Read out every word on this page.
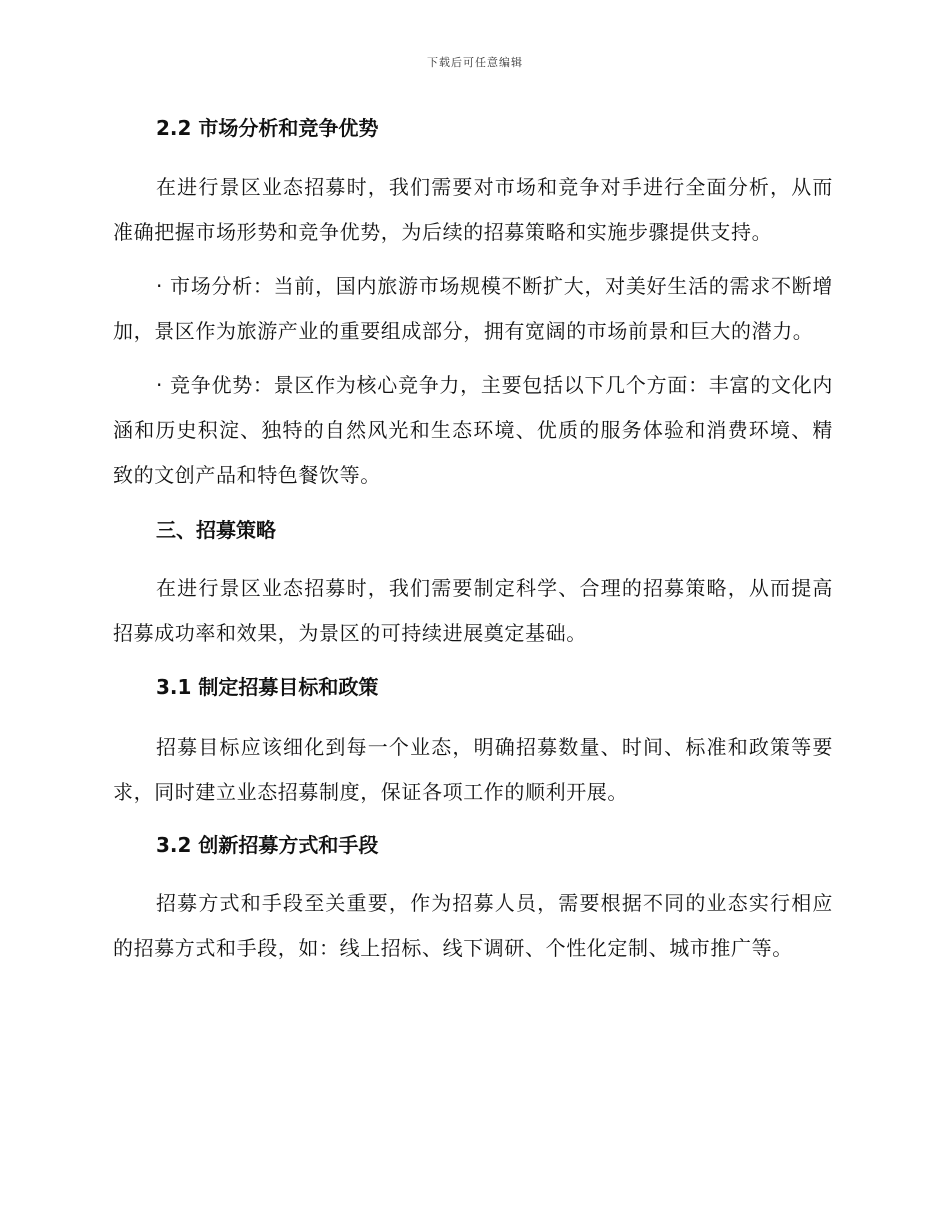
下载后可任意编辑
2.2 市场分析和竞争优势

在进行景区业态招募时，我们需要对市场和竞争对手进行全面分析，从而准确把握市场形势和竞争优势，为后续的招募策略和实施步骤提供支持。

· 市场分析：当前，国内旅游市场规模不断扩大，对美好生活的需求不断增加，景区作为旅游产业的重要组成部分，拥有宽阔的市场前景和巨大的潜力。

· 竞争优势：景区作为核心竞争力，主要包括以下几个方面：丰富的文化内涵和历史积淀、独特的自然风光和生态环境、优质的服务体验和消费环境、精致的文创产品和特色餐饮等。

三、招募策略

在进行景区业态招募时，我们需要制定科学、合理的招募策略，从而提高招募成功率和效果，为景区的可持续进展奠定基础。

3.1 制定招募目标和政策

招募目标应该细化到每一个业态，明确招募数量、时间、标准和政策等要求，同时建立业态招募制度，保证各项工作的顺利开展。

3.2 创新招募方式和手段

招募方式和手段至关重要，作为招募人员，需要根据不同的业态实行相应的招募方式和手段，如：线上招标、线下调研、个性化定制、城市推广等。
